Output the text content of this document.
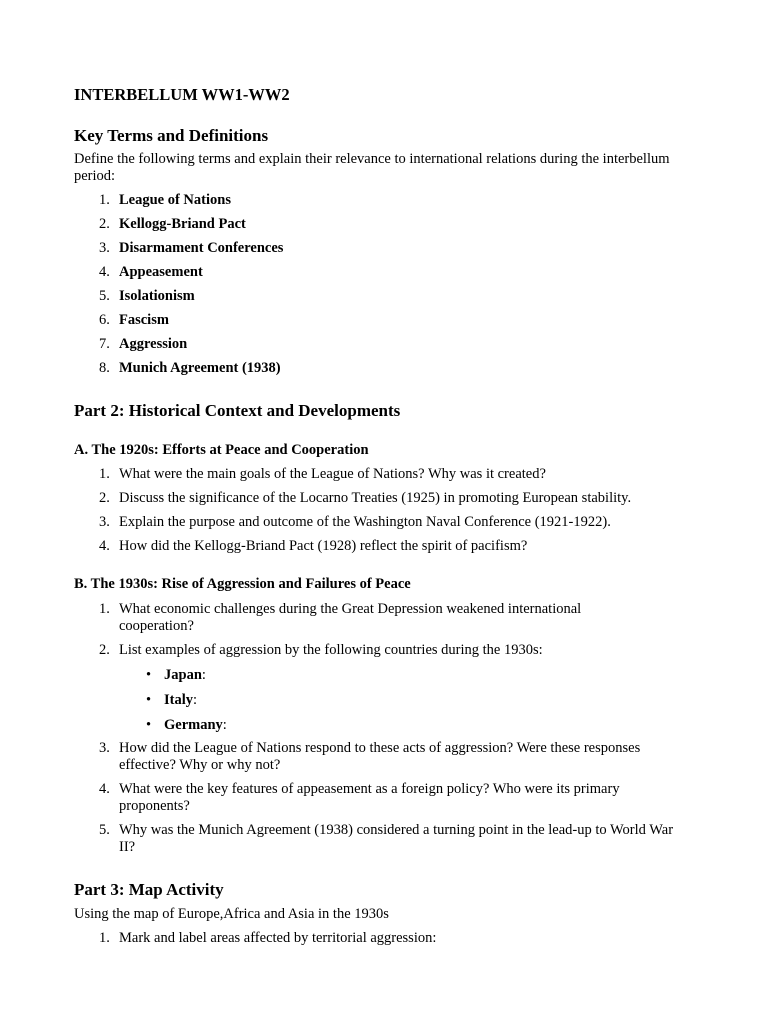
INTERBELLUM WW1-WW2
Key Terms and Definitions

Define the following terms and explain their relevance to international relations during the interbellum period:

1. League of Nations
2. Kellogg-Briand Pact
3. Disarmament Conferences
4. Appeasement
5. Isolationism
6. Fascism
7. Aggression
8. Munich Agreement (1938)
Part 2: Historical Context and Developments
A. The 1920s: Efforts at Peace and Cooperation
1. What were the main goals of the League of Nations? Why was it created?
2. Discuss the significance of the Locarno Treaties (1925) in promoting European stability.
3. Explain the purpose and outcome of the Washington Naval Conference (1921-1922).
4. How did the Kellogg-Briand Pact (1928) reflect the spirit of pacifism?
B. The 1930s: Rise of Aggression and Failures of Peace
1. What economic challenges during the Great Depression weakened international cooperation?
2. List examples of aggression by the following countries during the 1930s:
• Japan:
• Italy:
• Germany:
3. How did the League of Nations respond to these acts of aggression? Were these responses effective? Why or why not?
4. What were the key features of appeasement as a foreign policy? Who were its primary proponents?
5. Why was the Munich Agreement (1938) considered a turning point in the lead-up to World War II?
Part 3: Map Activity

Using the map of Europe,Africa and Asia in the 1930s

1. Mark and label areas affected by territorial aggression:
